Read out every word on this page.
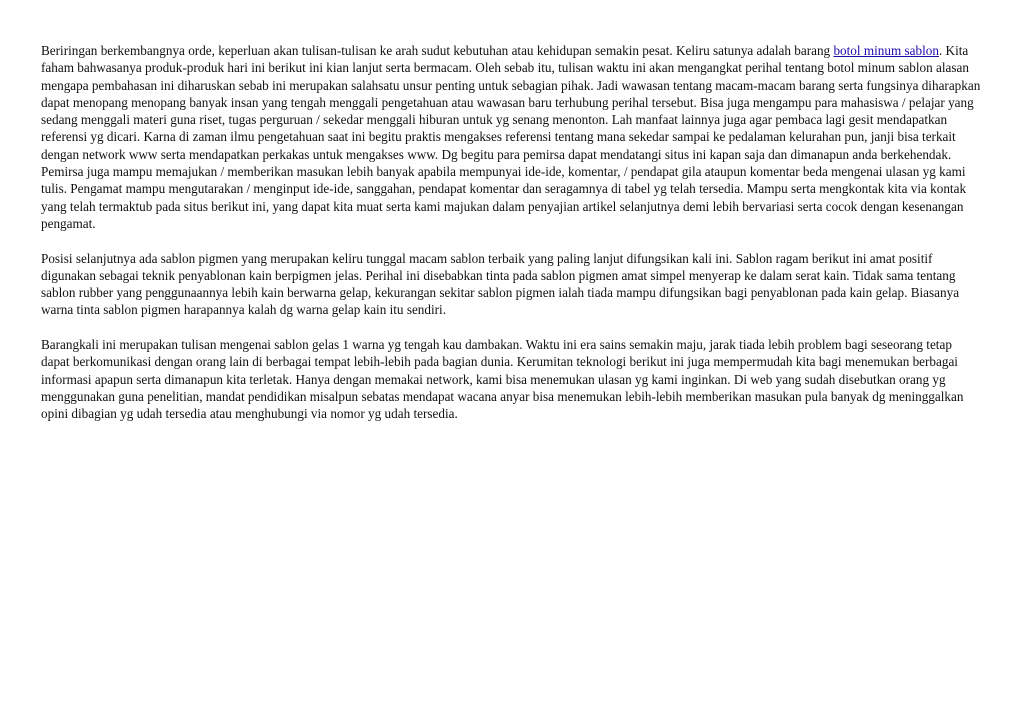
Beriringan berkembangnya orde, keperluan akan tulisan-tulisan ke arah sudut kebutuhan atau kehidupan semakin pesat. Keliru satunya adalah barang botol minum sablon. Kita faham bahwasanya produk-produk hari ini berikut ini kian lanjut serta bermacam. Oleh sebab itu, tulisan waktu ini akan mengangkat perihal tentang botol minum sablon alasan mengapa pembahasan ini diharuskan sebab ini merupakan salahsatu unsur penting untuk sebagian pihak. Jadi wawasan tentang macam-macam barang serta fungsinya diharapkan dapat menopang menopang banyak insan yang tengah menggali pengetahuan atau wawasan baru terhubung perihal tersebut. Bisa juga mengampu para mahasiswa / pelajar yang sedang menggali materi guna riset, tugas perguruan / sekedar menggali hiburan untuk yg senang menonton. Lah manfaat lainnya juga agar pembaca lagi gesit mendapatkan referensi yg dicari. Karna di zaman ilmu pengetahuan saat ini begitu praktis mengakses referensi tentang mana sekedar sampai ke pedalaman kelurahan pun, janji bisa terkait dengan network www serta mendapatkan perkakas untuk mengakses www. Dg begitu para pemirsa dapat mendatangi situs ini kapan saja dan dimanapun anda berkehendak. Pemirsa juga mampu memajukan / memberikan masukan lebih banyak apabila mempunyai ide-ide, komentar, / pendapat gila ataupun komentar beda mengenai ulasan yg kami tulis. Pengamat mampu mengutarakan / menginput ide-ide, sanggahan, pendapat komentar dan seragamnya di tabel yg telah tersedia. Mampu serta mengkontak kita via kontak yang telah termaktub pada situs berikut ini, yang dapat kita muat serta kami majukan dalam penyajian artikel selanjutnya demi lebih bervariasi serta cocok dengan kesenangan pengamat.

Posisi selanjutnya ada sablon pigmen yang merupakan keliru tunggal macam sablon terbaik yang paling lanjut difungsikan kali ini. Sablon ragam berikut ini amat positif digunakan sebagai teknik penyablonan kain berpigmen jelas. Perihal ini disebabkan tinta pada sablon pigmen amat simpel menyerap ke dalam serat kain. Tidak sama tentang sablon rubber yang penggunaannya lebih kain berwarna gelap, kekurangan sekitar sablon pigmen ialah tiada mampu difungsikan bagi penyablonan pada kain gelap. Biasanya warna tinta sablon pigmen harapannya kalah dg warna gelap kain itu sendiri.

Barangkali ini merupakan tulisan mengenai sablon gelas 1 warna yg tengah kau dambakan. Waktu ini era sains semakin maju, jarak tiada lebih problem bagi seseorang tetap dapat berkomunikasi dengan orang lain di berbagai tempat lebih-lebih pada bagian dunia. Kerumitan teknologi berikut ini juga mempermudah kita bagi menemukan berbagai informasi apapun serta dimanapun kita terletak. Hanya dengan memakai network, kami bisa menemukan ulasan yg kami inginkan. Di web yang sudah disebutkan orang yg menggunakan guna penelitian, mandat pendidikan misalpun sebatas mendapat wacana anyar bisa menemukan lebih-lebih memberikan masukan pula banyak dg meninggalkan opini dibagian yg udah tersedia atau menghubungi via nomor yg udah tersedia.
